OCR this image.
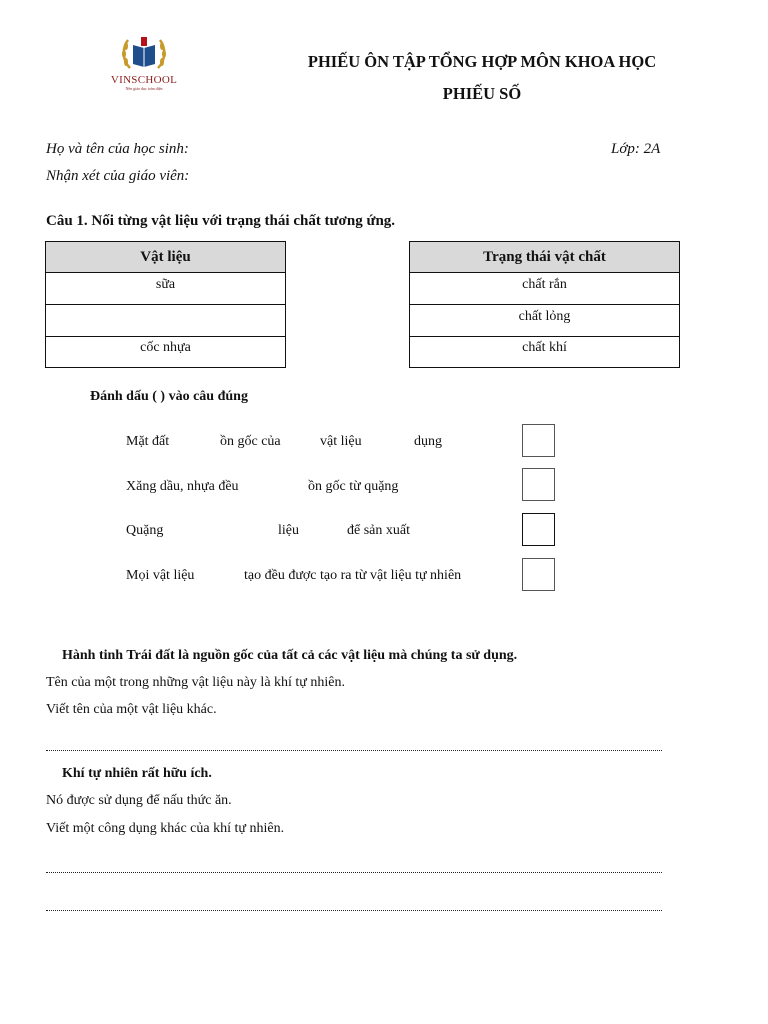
VINSCHOOL
Nền giáo dục toàn diện
PHIẾU ÔN TẬP TỔNG HỢP MÔN KHOA HỌC
PHIẾU SỐ
Họ và tên của học sinh:	Lớp: 2A
Nhận xét của giáo viên:
Câu 1. Nối từng vật liệu với trạng thái chất tương ứng.
Vật liệu
sữa

cốc nhựa
Trạng thái vật chất
chất rắn
chất lỏng
chất khí
Đánh dấu ( ) vào câu đúng
Mặt đất	ồn gốc của	vật liệu	dụng
Xăng dầu, nhựa đều	ồn gốc từ quặng
Quặng	liệu	để sản xuất
Mọi vật liệu	tạo đều được tạo ra từ vật liệu tự nhiên
Hành tinh Trái đất là nguồn gốc của tất cả các vật liệu mà chúng ta sử dụng.
Tên của một trong những vật liệu này là khí tự nhiên.
Viết tên của một vật liệu khác.
Khí tự nhiên rất hữu ích.
Nó được sử dụng để nấu thức ăn.
Viết một công dụng khác của khí tự nhiên.
